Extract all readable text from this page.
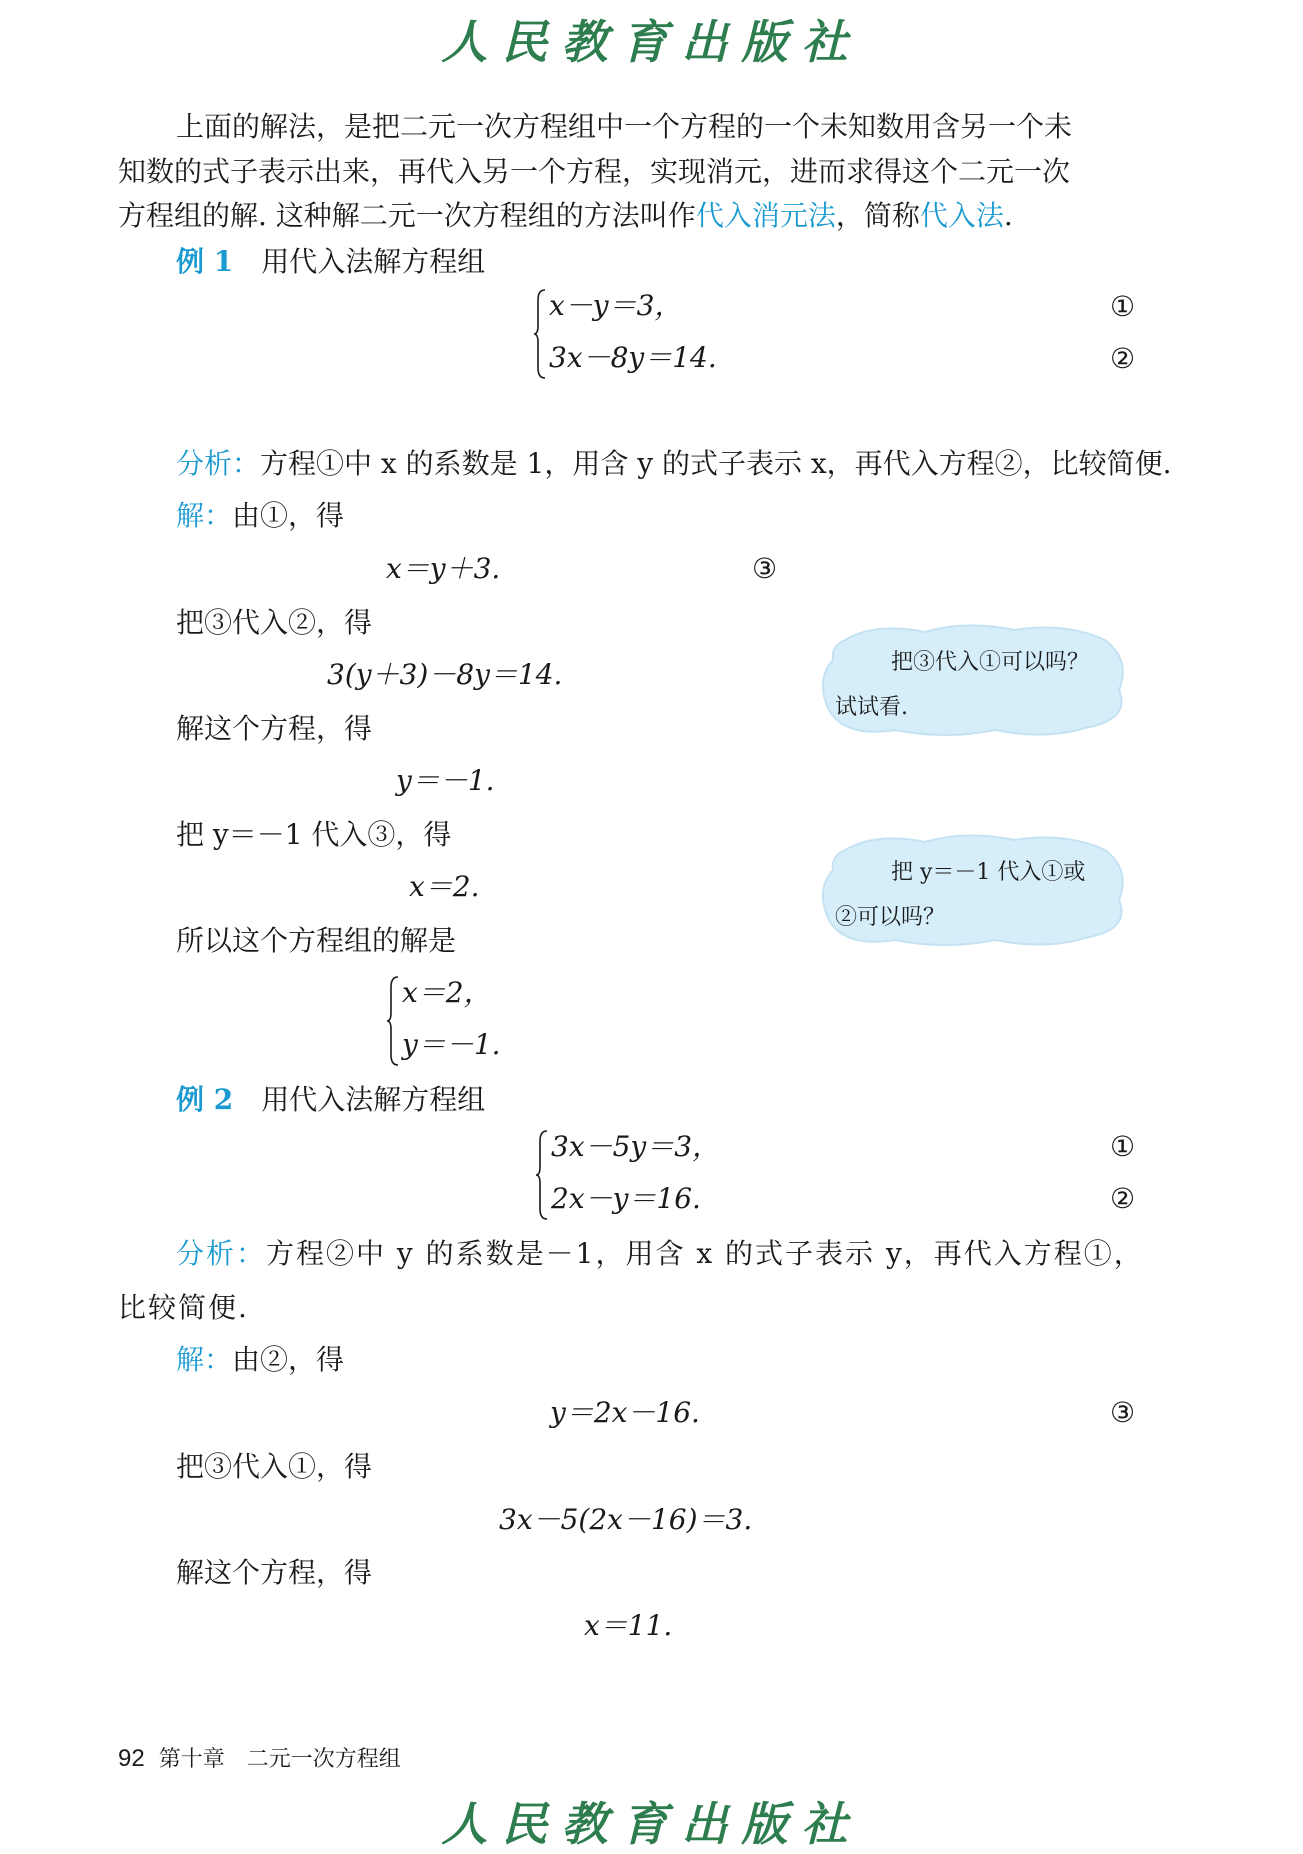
人民教育出版社
上面的解法，是把二元一次方程组中一个方程的一个未知数用含另一个未
知数的式子表示出来，再代入另一个方程，实现消元，进而求得这个二元一次
方程组的解. 这种解二元一次方程组的方法叫作代入消元法，简称代入法.
例 1 用代入法解方程组
x－y＝3，
3x－8y＝14.
①
②
分析：方程①中 x 的系数是 1，用含 y 的式子表示 x，再代入方程②，比较简便.
解：由①，得
x＝y＋3.	③
把③代入②，得
3(y＋3)－8y＝14.
解这个方程，得
y＝－1.
把 y＝－1 代入③，得
x＝2.
所以这个方程组的解是
x＝2，
y＝－1.
把③代入①可以吗？
试试看.
把 y＝－1 代入①或
②可以吗？
例 2 用代入法解方程组
3x－5y＝3，
2x－y＝16.
①
②
分析：方程②中 y 的系数是－1，用含 x 的式子表示 y，再代入方程①，
比较简便.
解：由②，得
y＝2x－16.	③
把③代入①，得
3x－5(2x－16)＝3.
解这个方程，得
x＝11.
92 第十章　二元一次方程组
人民教育出版社
